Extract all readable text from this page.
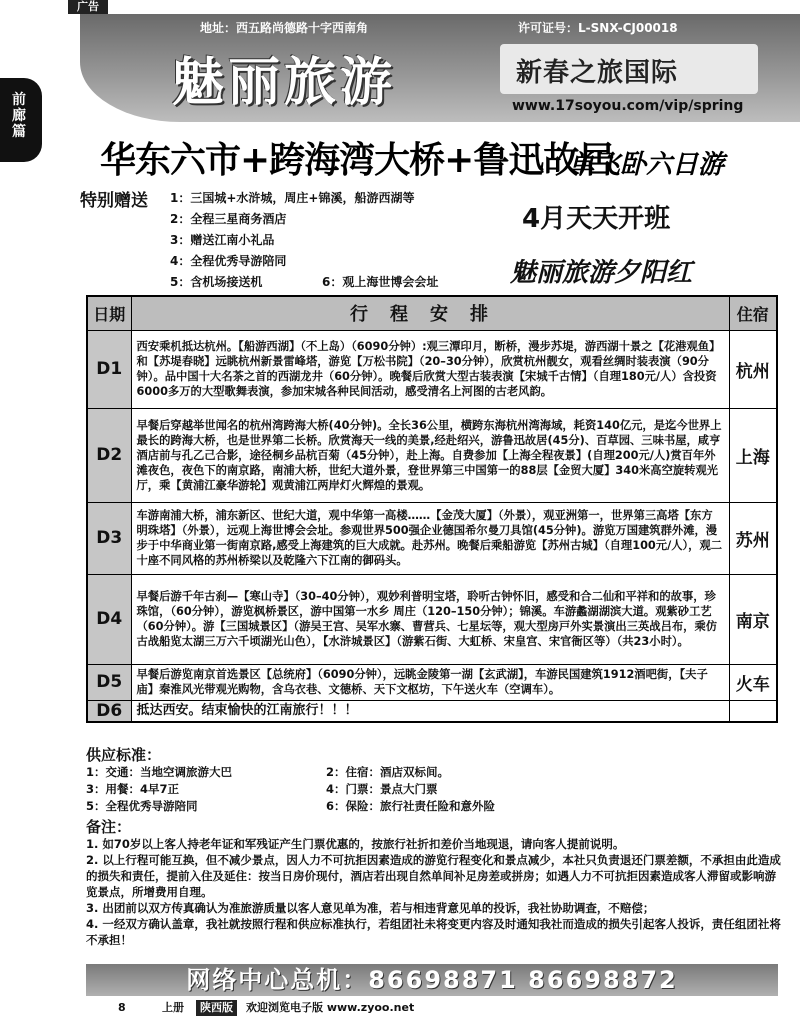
广告
地址：西五路尚德路十字西南角	许可证号：L-SNX-CJ00018
魅丽旅游	新春之旅国际
www.17soyou.com/vip/spring
前
廊
篇
华东六市+跨海湾大桥+鲁迅故居
单飞卧六日游
特别赠送 1：三国城+水浒城，周庄+锦溪，船游西湖等
2：全程三星商务酒店
3：赠送江南小礼品
4：全程优秀导游陪同
5：含机场接送机	6：观上海世博会会址
4月天天开班
魅丽旅游夕阳红
日期	行程安排	住宿
D1	西安乘机抵达杭州。【船游西湖】（不上岛）（6090分钟）:观三潭印月，断桥，漫步苏堤，游西湖十景之【花港观鱼】和【苏堤春晓】远眺杭州新景雷峰塔，游览【万松书院】（20–30分钟），欣赏杭州靓女，观看丝绸时装表演（90分钟）。品中国十大名茶之首的西湖龙井（60分钟）。晚餐后欣赏大型古装表演【宋城千古情】（自理180元/人）含投资6000多万的大型歌舞表演，参加宋城各种民间活动，感受清名上河图的古老风韵。	杭州
D2	早餐后穿越举世闻名的杭州湾跨海大桥(40分钟)。全长36公里，横跨东海杭州湾海域，耗资140亿元，是迄今世界上最长的跨海大桥，也是世界第二长桥。欣赏海天一线的美景,经赴绍兴，游鲁迅故居(45分)、百草园、三味书屋，咸亨酒店前与孔乙己合影，途径桐乡品杭百菊（45分钟），赴上海。自费参加【上海全程夜景】(自理200元/人)赏百年外滩夜色，夜色下的南京路，南浦大桥，世纪大道外景，登世界第三中国第一的88层【金贸大厦】340米高空旋转观光厅，乘【黄浦江豪华游轮】观黄浦江两岸灯火辉煌的景观。	上海
D3	车游南浦大桥，浦东新区、世纪大道，观中华第一高楼……【金茂大厦】（外景），观亚洲第一，世界第三高塔【东方明珠塔】（外景），远观上海世博会会址。参观世界500强企业德国希尔曼刀具馆(45分钟)。游览万国建筑群外滩，漫步于中华商业第一街南京路,感受上海建筑的巨大成就。赴苏州。晚餐后乘船游览【苏州古城】（自理100元/人），观二十座不同风格的苏州桥梁以及乾隆六下江南的御码头。	苏州
D4	早餐后游千年古刹—【寒山寺】（30–40分钟），观妙利普明宝塔，聆听古钟怀旧，感受和合二仙和平祥和的故事，珍珠馆，（60分钟），游览枫桥景区，游中国第一水乡 周庄（120–150分钟）；锦溪。车游蠡湖湖滨大道。观紫砂工艺（60分钟）。游【三国城景区】（游吴王宫、吴军水寨、曹营兵、七星坛等，观大型房戸外实景演出三英战吕布，乘仿古战船览太湖三万六千顷湖光山色），【水浒城景区】（游紫石街、大虹桥、宋皇宫、宋官衙区等）（共23小时）。	南京
D5	早餐后游览南京首选景区【总统府】（6090分钟），远眺金陵第一湖【玄武湖】，车游民国建筑1912酒吧街，【夫子庙】秦淮风光带观光购物，含乌衣巷、文德桥、天下文枢坊，下午送火车（空调车）。	火车
D6	抵达西安。结束愉快的江南旅行！！！	
供应标准：
1：交通：当地空调旅游大巴	2：住宿：酒店双标间。
3：用餐：4早7正	4：门票：景点大门票
5：全程优秀导游陪同	6：保险：旅行社责任险和意外险
备注：
1. 如70岁以上客人持老年证和军残证产生门票优惠的，按旅行社折扣差价当地现退，请向客人提前说明。
2. 以上行程可能互换，但不减少景点，因人力不可抗拒因素造成的游览行程变化和景点减少，本社只负责退还门票差额，不承担由此造成的损失和责任，提前入住及延住：按当日房价现付，酒店若出现自然单间补足房差或拼房；如遇人力不可抗拒因素造成客人滞留或影响游览景点，所增费用自理。
3. 出团前以双方传真确认为准旅游质量以客人意见单为准，若与相违背意见单的投诉，我社协助调查，不赔偿；
4. 一经双方确认盖章，我社就按照行程和供应标准执行，若组团社未将变更内容及时通知我社而造成的损失引起客人投诉，责任组团社将不承担！
网络中心总机：86698871 86698872
8	上册	陕西版	欢迎浏览电子版 www.zyoo.net
